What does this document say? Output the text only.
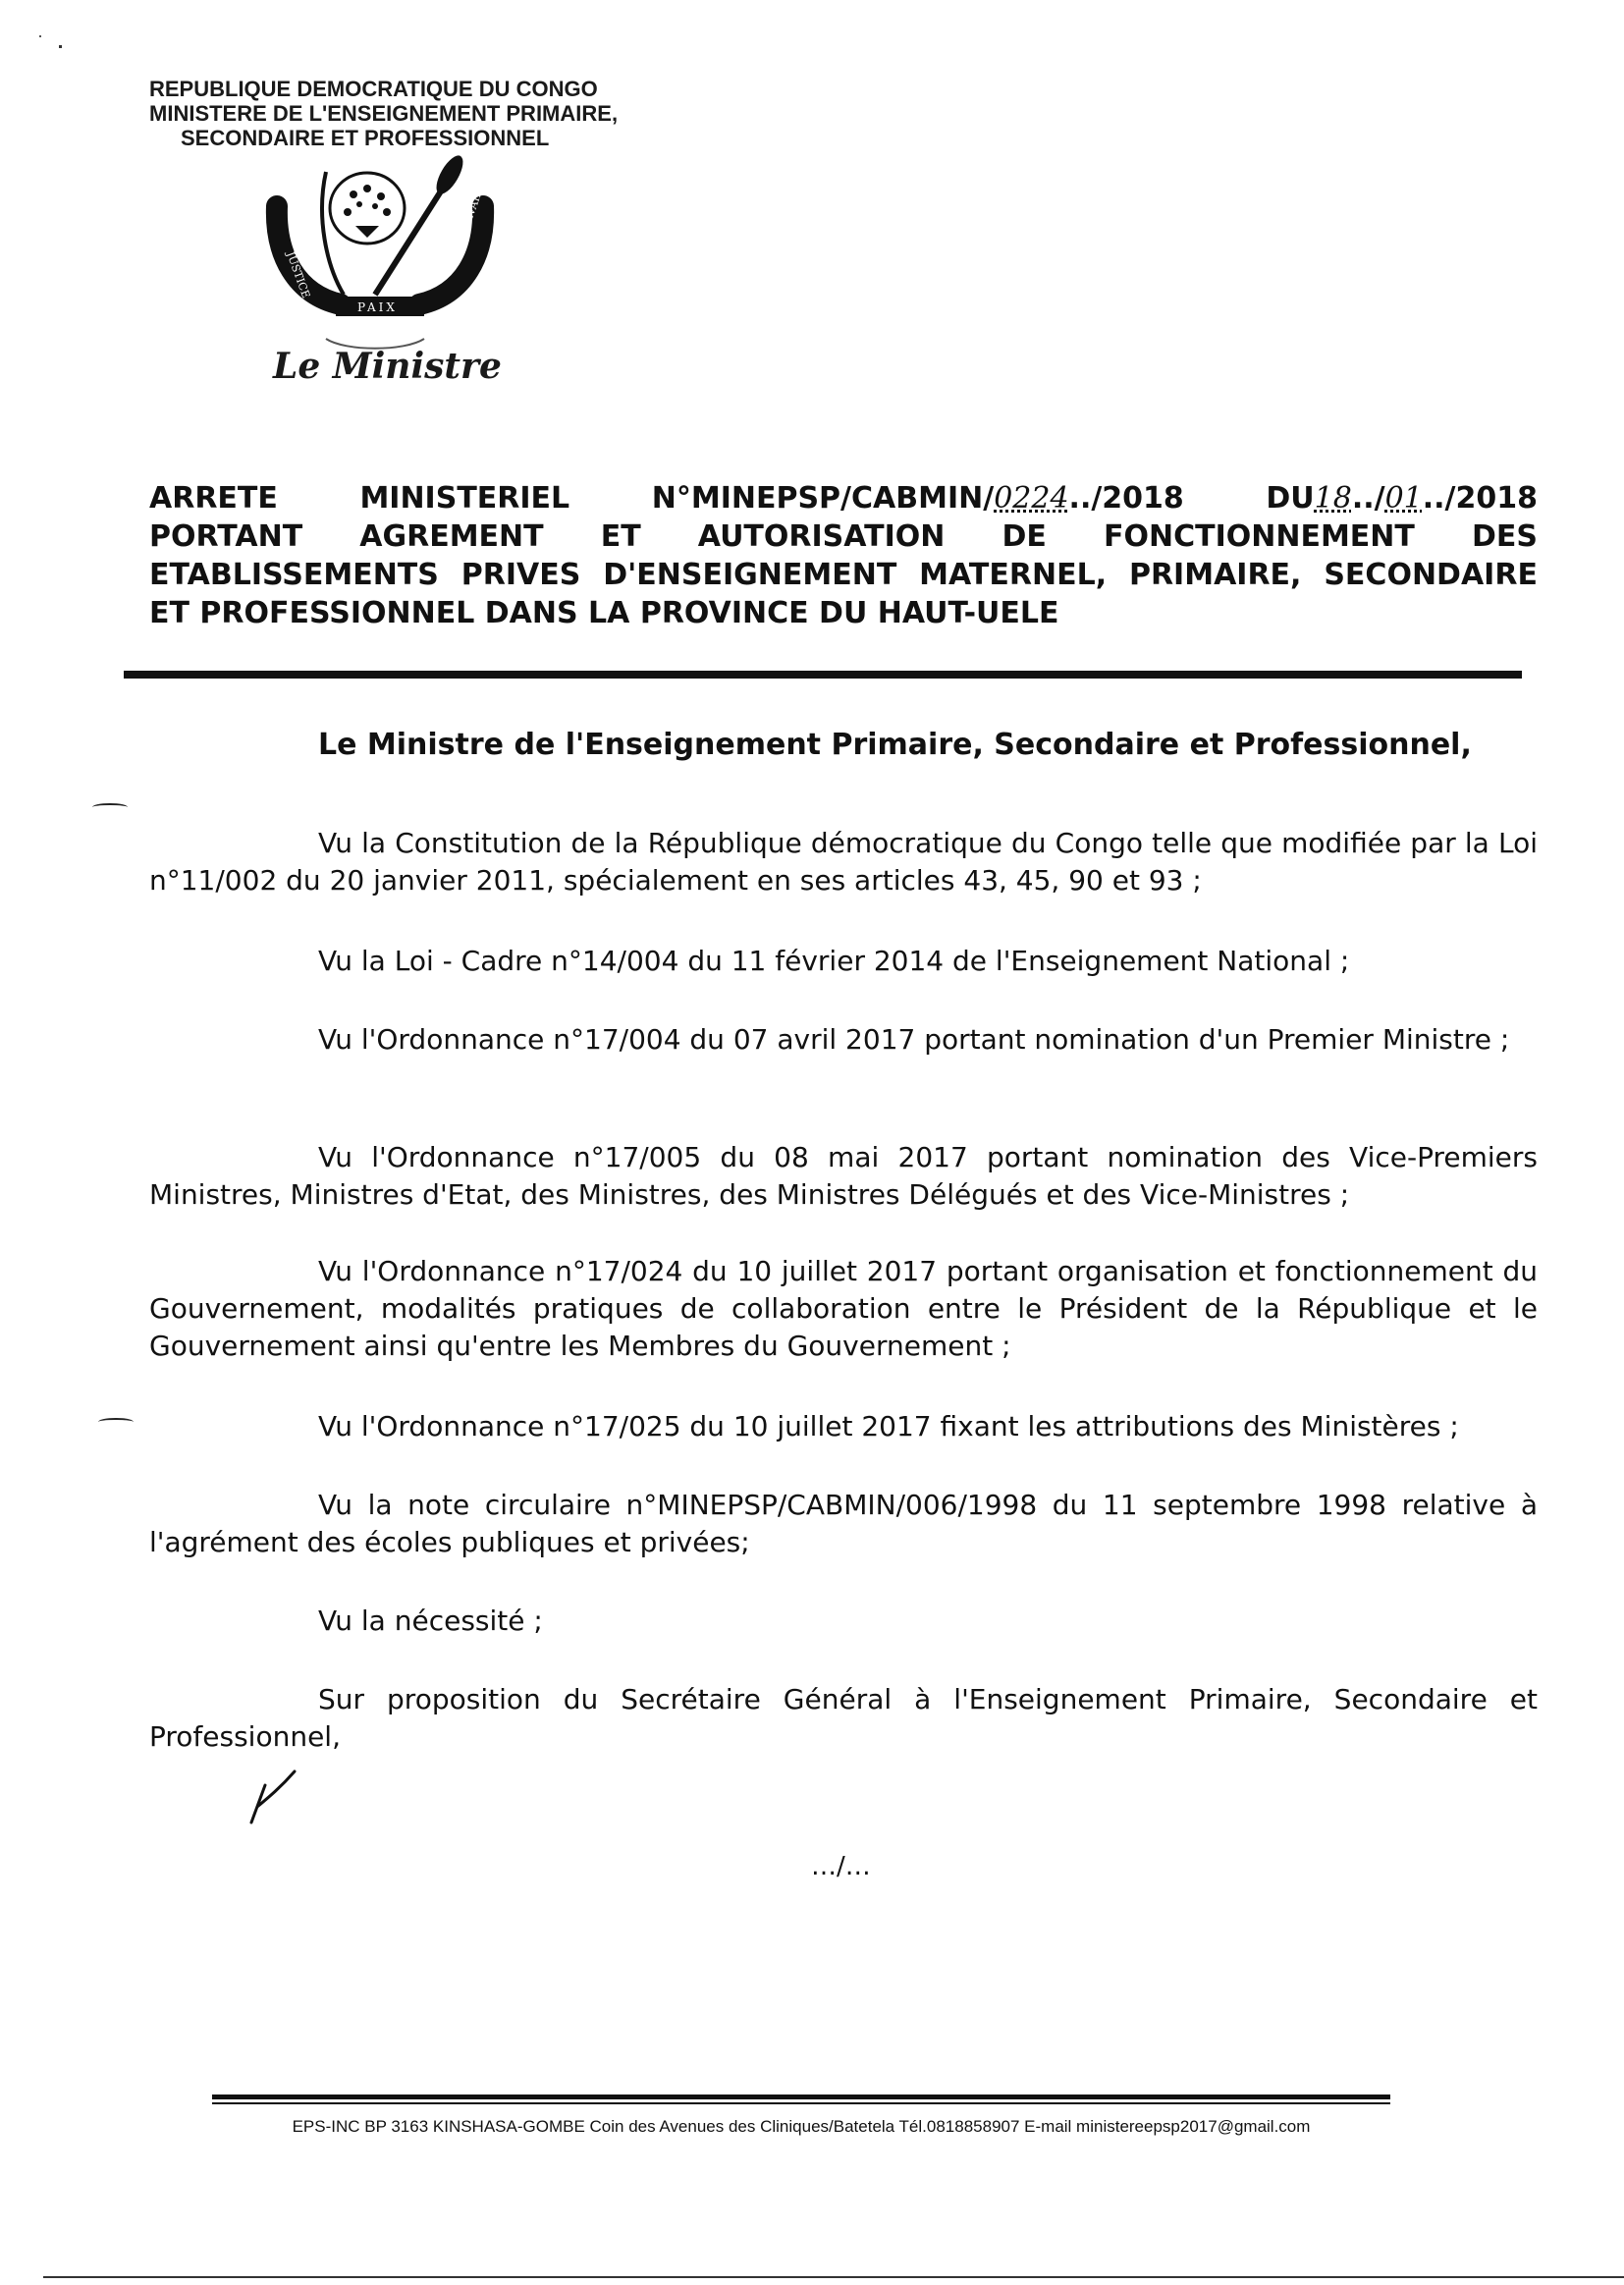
REPUBLIQUE DEMOCRATIQUE DU CONGO
MINISTERE DE L'ENSEIGNEMENT PRIMAIRE,
SECONDAIRE ET PROFESSIONNEL
JUSTICE
TRAVAIL
PAIX
Le Ministre
ARRETE	MINISTERIEL	N°MINEPSP/CABMIN/0224../2018	DU18../01../2018
PORTANT AGREMENT ET AUTORISATION DE FONCTIONNEMENT DES
ETABLISSEMENTS PRIVES D'ENSEIGNEMENT MATERNEL, PRIMAIRE, SECONDAIRE
ET PROFESSIONNEL DANS LA PROVINCE DU HAUT-UELE
Le Ministre de l'Enseignement Primaire, Secondaire et Professionnel,
Vu la Constitution de la République démocratique du Congo telle que modifiée par la Loi n°11/002 du 20 janvier 2011, spécialement en ses articles 43, 45, 90 et 93 ;
Vu la Loi - Cadre n°14/004 du 11 février 2014 de l'Enseignement National ;
Vu l'Ordonnance n°17/004 du 07 avril 2017 portant nomination d'un Premier Ministre ;
Vu l'Ordonnance n°17/005 du 08 mai 2017 portant nomination des Vice-Premiers Ministres, Ministres d'Etat, des Ministres, des Ministres Délégués et des Vice-Ministres ;
Vu l'Ordonnance n°17/024 du 10 juillet 2017 portant organisation et fonctionnement du Gouvernement, modalités pratiques de collaboration entre le Président de la République et le Gouvernement ainsi qu'entre les Membres du Gouvernement ;
Vu l'Ordonnance n°17/025 du 10 juillet 2017 fixant les attributions des Ministères ;
Vu la note circulaire n°MINEPSP/CABMIN/006/1998 du 11 septembre 1998 relative à l'agrément des écoles publiques et privées;
Vu la nécessité ;
Sur proposition du Secrétaire Général à l'Enseignement Primaire, Secondaire et Professionnel,
…/…
EPS-INC BP 3163 KINSHASA-GOMBE Coin des Avenues des Cliniques/Batetela Tél.0818858907 E-mail ministereepsp2017@gmail.com
